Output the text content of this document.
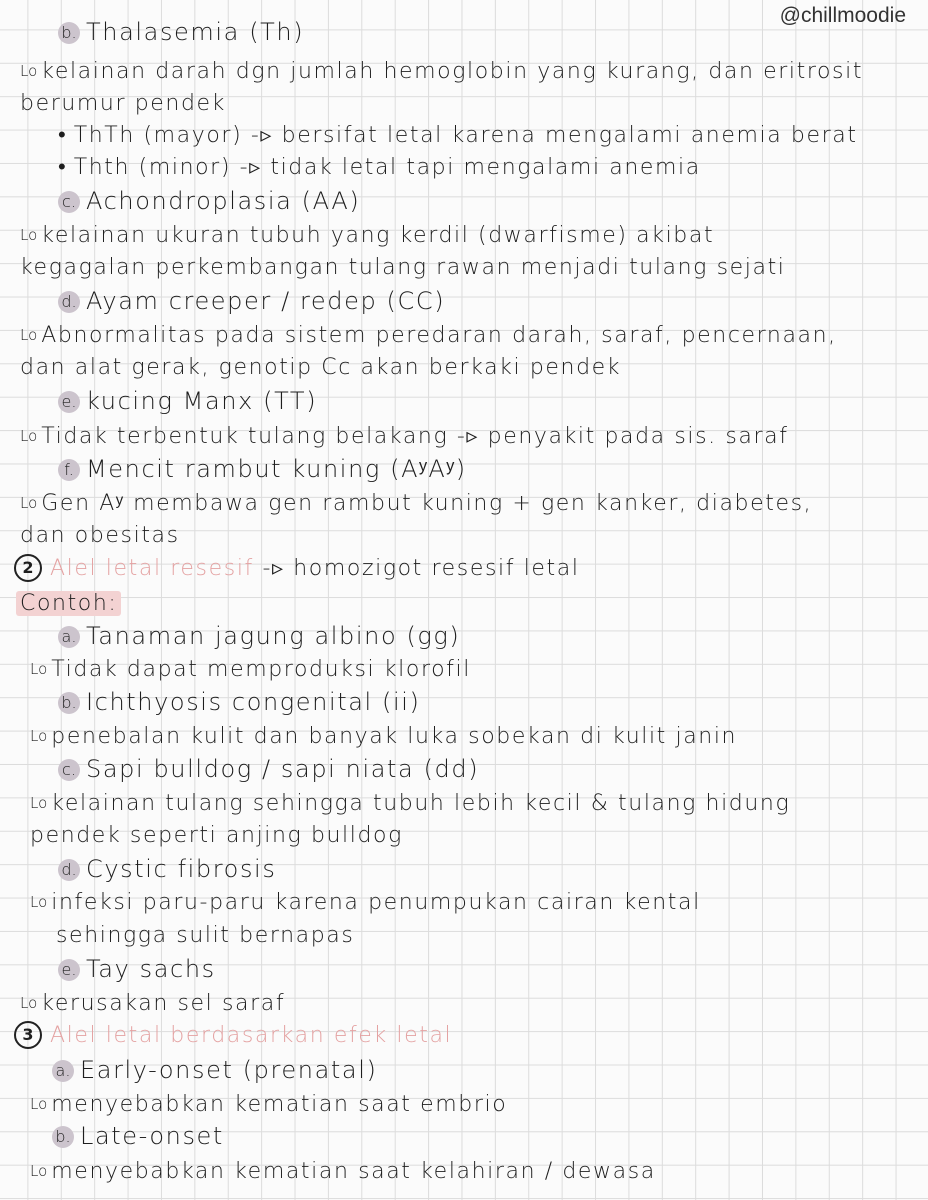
@chillmoodie
b. Thalasemia (Th)
Lo kelainan darah dgn jumlah hemoglobin yang kurang, dan eritrosit
berumur pendek
• ThTh (mayor) -▹ bersifat letal karena mengalami anemia berat
• Thth (minor) -▹ tidak letal tapi mengalami anemia
c. Achondroplasia (AA)
Lo kelainan ukuran tubuh yang kerdil (dwarfisme) akibat
kegagalan perkembangan tulang rawan menjadi tulang sejati
d. Ayam creeper / redep (CC)
Lo Abnormalitas pada sistem peredaran darah, saraf, pencernaan,
dan alat gerak, genotip Cc akan berkaki pendek
e. kucing Manx (TT)
Lo Tidak terbentuk tulang belakang -▹ penyakit pada sis. saraf
f. Mencit rambut kuning (AʸAʸ)
Lo Gen Aʸ membawa gen rambut kuning + gen kanker, diabetes,
dan obesitas
2 Alel letal resesif -▹ homozigot resesif letal
Contoh:
a. Tanaman jagung albino (gg)
Lo Tidak dapat memproduksi klorofil
b. Ichthyosis congenital (ii)
Lo penebalan kulit dan banyak luka sobekan di kulit janin
c. Sapi bulldog / sapi niata (dd)
Lo kelainan tulang sehingga tubuh lebih kecil & tulang hidung
pendek seperti anjing bulldog
d. Cystic fibrosis
Lo infeksi paru-paru karena penumpukan cairan kental
sehingga sulit bernapas
e. Tay sachs
Lo kerusakan sel saraf
3 Alel letal berdasarkan efek letal
a. Early-onset (prenatal)
Lo menyebabkan kematian saat embrio
b. Late-onset
Lo menyebabkan kematian saat kelahiran / dewasa
